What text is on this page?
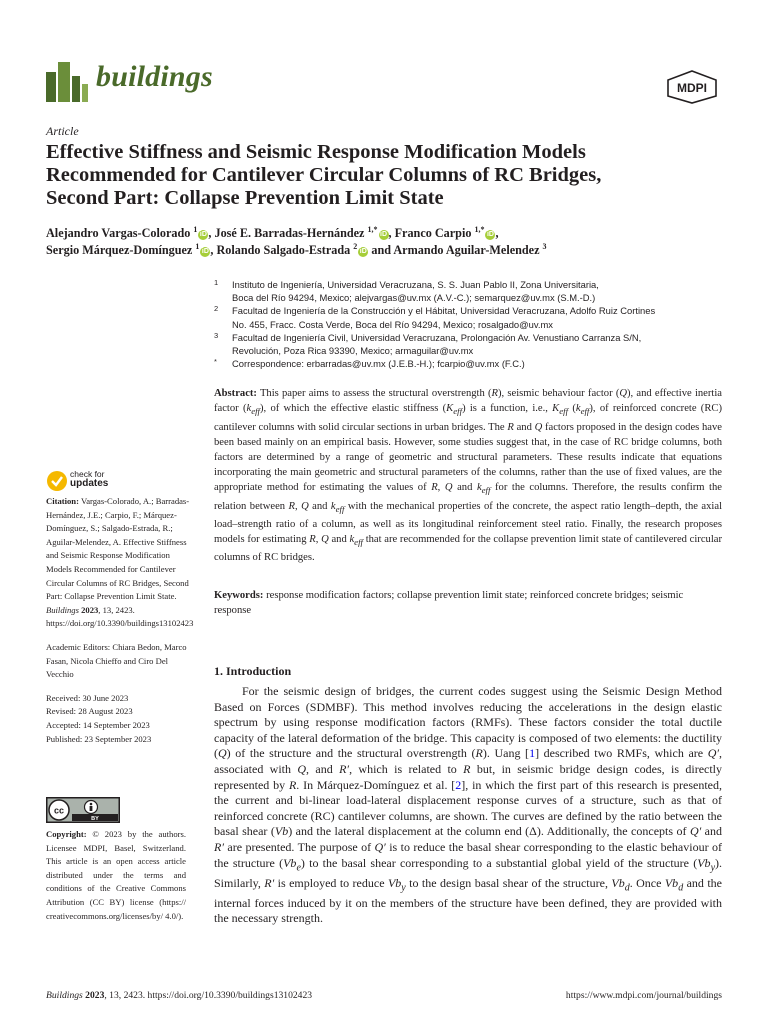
buildings	MDPI
Article
Effective Stiffness and Seismic Response Modification Models
Recommended for Cantilever Circular Columns of RC Bridges,
Second Part: Collapse Prevention Limit State
Alejandro Vargas-Colorado $^1$iD , José E. Barradas-Hernández $^{1,*}$iD , Franco Carpio $^{1,*}$iD ,
Sergio Márquez-Domínguez $^1$iD , Rolando Salgado-Estrada $^2$iD and Armando Aguilar-Melendez $^3$
1 Instituto de Ingeniería, Universidad Veracruzana, S. S. Juan Pablo II, Zona Universitaria,
Boca del Río 94294, Mexico; alejvargas@uv.mx (A.V.-C.); semarquez@uv.mx (S.M.-D.)
2 Facultad de Ingeniería de la Construcción y el Hábitat, Universidad Veracruzana, Adolfo Ruiz Cortines
No. 455, Fracc. Costa Verde, Boca del Río 94294, Mexico; rosalgado@uv.mx
3 Facultad de Ingeniería Civil, Universidad Veracruzana, Prolongación Av. Venustiano Carranza S/N,
Revolución, Poza Rica 93390, Mexico; armaguilar@uv.mx
* Correspondence: erbarradas@uv.mx (J.E.B.-H.); fcarpio@uv.mx (F.C.)
Abstract: This paper aims to assess the structural overstrength (R), seismic behaviour factor (Q), and effective inertia factor $(k_{eff})$, of which the effective elastic stiffness $(K_{eff})$ is a function, i.e., $K_{eff}$ $(k_{eff})$, of reinforced concrete (RC) cantilever columns with solid circular sections in urban bridges. The R and Q factors proposed in the design codes have been based mainly on an empirical basis. However, some studies suggest that, in the case of RC bridge columns, both factors are determined by a range of geometric and structural parameters. These results indicate that equations incorporating the main geometric and structural parameters of the columns, rather than the use of fixed values, are the appropriate method for estimating the values of R, Q and $k_{eff}$ for the columns. Therefore, the results confirm the relation between R, Q and $k_{eff}$ with the mechanical properties of the concrete, the aspect ratio length–depth, the axial load–strength ratio of a column, as well as its longitudinal reinforcement steel ratio. Finally, the research proposes models for estimating R, Q and $k_{eff}$ that are recommended for the collapse prevention limit state of cantilevered circular columns of RC bridges.
Keywords: response modification factors; collapse prevention limit state; reinforced concrete bridges; seismic response
check for
updates
Citation: Vargas-Colorado, A.; Barradas-Hernández, J.E.; Carpio, F.; Márquez-Domínguez, S.; Salgado-Estrada, R.; Aguilar-Melendez, A. Effective Stiffness and Seismic Response Modification Models Recommended for Cantilever Circular Columns of RC Bridges, Second Part: Collapse Prevention Limit State. Buildings 2023, 13, 2423. https://doi.org/10.3390/buildings13102423
Academic Editors: Chiara Bedon, Marco Fasan, Nicola Chieffo and Ciro Del Vecchio
Received: 30 June 2023
Revised: 28 August 2023
Accepted: 14 September 2023
Published: 23 September 2023
cc
BY
Copyright: © 2023 by the authors. Licensee MDPI, Basel, Switzerland. This article is an open access article distributed under the terms and conditions of the Creative Commons Attribution (CC BY) license (https:// creativecommons.org/licenses/by/ 4.0/).
1. Introduction
For the seismic design of bridges, the current codes suggest using the Seismic Design Method Based on Forces (SDMBF). This method involves reducing the accelerations in the design elastic spectrum by using response modification factors (RMFs). These factors consider the total ductile capacity of the lateral deformation of the bridge. This capacity is composed of two elements: the ductility (Q) of the structure and the structural overstrength (R). Uang [1] described two RMFs, which are Q′, associated with Q, and R′, which is related to R but, in seismic bridge design codes, is directly represented by R. In Márquez-Domínguez et al. [2], in which the first part of this research is presented, the current and bi-linear load-lateral displacement response curves of a structure, such as that of reinforced concrete (RC) cantilever columns, are shown. The curves are defined by the ratio between the basal shear (Vb) and the lateral displacement at the column end (Δ). Additionally, the concepts of Q′ and R′ are presented. The purpose of Q′ is to reduce the basal shear corresponding to the elastic behaviour of the structure $(Vb_e)$ to the basal shear corresponding to a substantial global yield of the structure $(Vb_y)$. Similarly, R′ is employed to reduce $Vb_y$ to the design basal shear of the structure, $Vb_d$. Once $Vb_d$ and the internal forces induced by it on the members of the structure have been defined, they are provided with the necessary strength.
Buildings 2023, 13, 2423. https://doi.org/10.3390/buildings13102423	https://www.mdpi.com/journal/buildings
